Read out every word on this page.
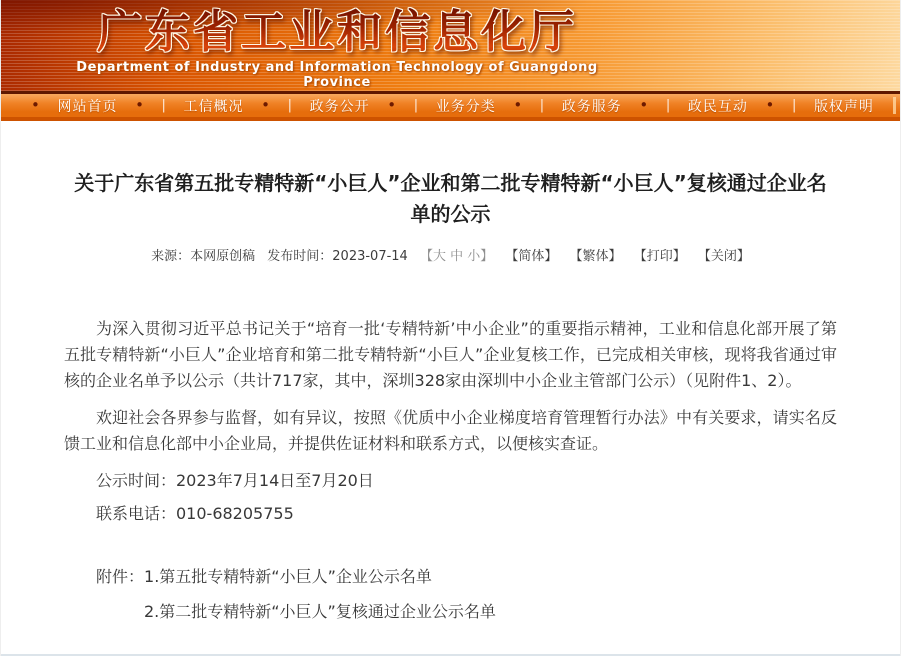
广东省工业和信息化厅
Department of Industry and Information Technology of Guangdong Province
• 网站首页 • | 工信概况 • | 政务公开 • | 业务分类 • | 政务服务 • | 政民互动 • | 版权声明
关于广东省第五批专精特新“小巨人”企业和第二批专精特新“小巨人”复核通过企业名单的公示
来源：本网原创稿 发布时间：2023-07-14 【大 中 小】 【简体】 【繁体】 【打印】 【关闭】

为深入贯彻习近平总书记关于“培育一批‘专精特新’中小企业”的重要指示精神，工业和信息化部开展了第五批专精特新“小巨人”企业培育和第二批专精特新“小巨人”企业复核工作，已完成相关审核，现将我省通过审核的企业名单予以公示（共计717家，其中，深圳328家由深圳中小企业主管部门公示）（见附件1、2）。

欢迎社会各界参与监督，如有异议，按照《优质中小企业梯度培育管理暂行办法》中有关要求，请实名反馈工业和信息化部中小企业局，并提供佐证材料和联系方式，以便核实查证。

公示时间：2023年7月14日至7月20日

联系电话：010-68205755

附件：1.第五批专精特新“小巨人”企业公示名单

2.第二批专精特新“小巨人”复核通过企业公示名单
